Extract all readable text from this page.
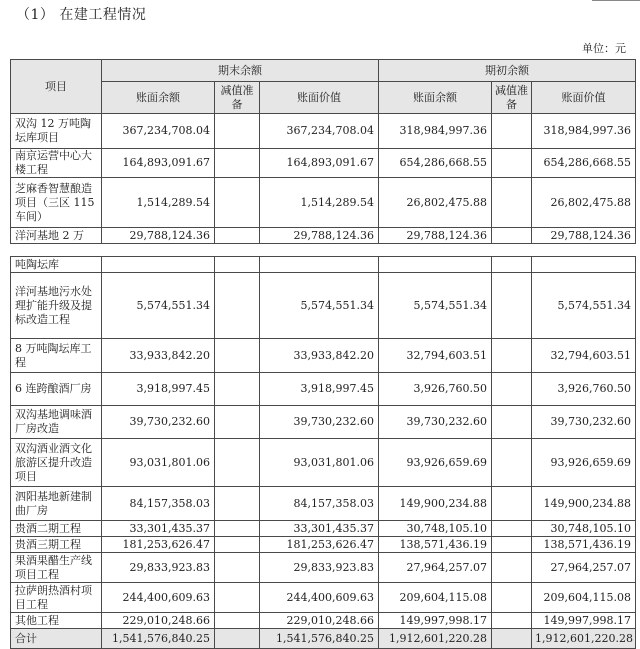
（1） 在建工程情况
单位：元
项目	期末余额			期初余额		
	账面余额	减值准备	账面价值	账面余额	减值准备	账面价值
双沟 12 万吨陶坛库项目	367,234,708.04		367,234,708.04	318,984,997.36		318,984,997.36
南京运营中心大楼工程	164,893,091.67		164,893,091.67	654,286,668.55		654,286,668.55
芝麻香智慧酿造项目（三区 115 车间）	1,514,289.54		1,514,289.54	26,802,475.88		26,802,475.88
洋河基地 2 万	29,788,124.36		29,788,124.36	29,788,124.36		29,788,124.36

吨陶坛库						
洋河基地污水处理扩能升级及提标改造工程	5,574,551.34		5,574,551.34	5,574,551.34		5,574,551.34
8 万吨陶坛库工程	33,933,842.20		33,933,842.20	32,794,603.51		32,794,603.51
6 连跨酿酒厂房	3,918,997.45		3,918,997.45	3,926,760.50		3,926,760.50
双沟基地调味酒厂房改造	39,730,232.60		39,730,232.60	39,730,232.60		39,730,232.60
双沟酒业酒文化旅游区提升改造项目	93,031,801.06		93,031,801.06	93,926,659.69		93,926,659.69
泗阳基地新建制曲厂房	84,157,358.03		84,157,358.03	149,900,234.88		149,900,234.88
贵酒二期工程	33,301,435.37		33,301,435.37	30,748,105.10		30,748,105.10
贵酒三期工程	181,253,626.47		181,253,626.47	138,571,436.19		138,571,436.19
果酒果醋生产线项目工程	29,833,923.83		29,833,923.83	27,964,257.07		27,964,257.07
拉萨朗热酒村项目工程	244,400,609.63		244,400,609.63	209,604,115.08		209,604,115.08
其他工程	229,010,248.66		229,010,248.66	149,997,998.17		149,997,998.17
合计	1,541,576,840.25		1,541,576,840.25	1,912,601,220.28		1,912,601,220.28
